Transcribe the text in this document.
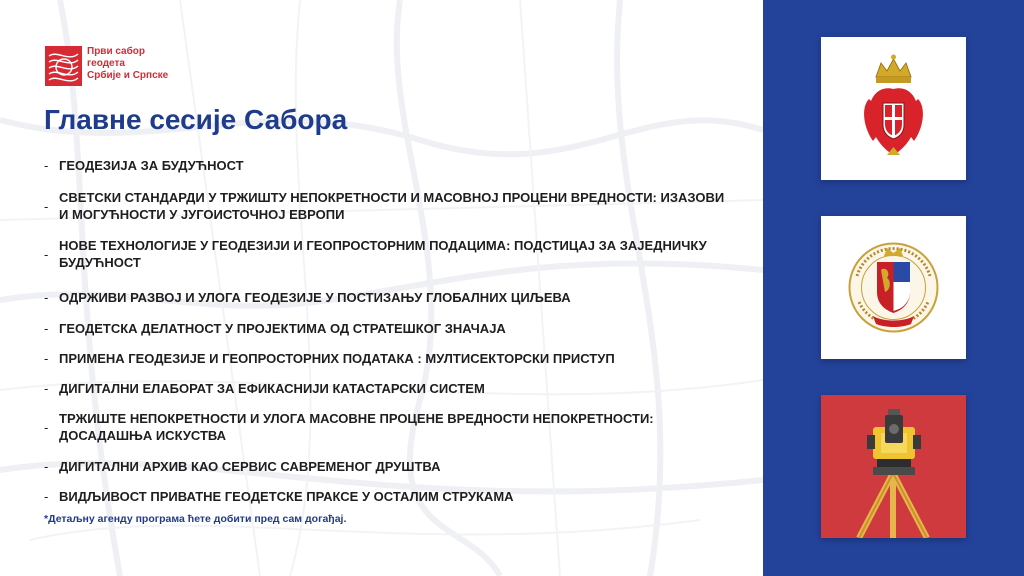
Први сабор
геодета
Србије и Српске
Главне сесије Сабора
- ГЕОДЕЗИЈА ЗА БУДУЋНОСТ
-
СВЕТСКИ СТАНДАРДИ У ТРЖИШТУ НЕПОКРЕТНОСТИ И МАСОВНОЈ ПРОЦЕНИ ВРЕДНОСТИ: ИЗАЗОВИ И МОГУЋНОСТИ У ЈУГОИСТОЧНОЈ ЕВРОПИ
-
НОВЕ ТЕХНОЛОГИЈЕ У ГЕОДЕЗИЈИ И ГЕОПРОСТОРНИМ ПОДАЦИМА: ПОДСТИЦАЈ ЗА ЗАЈЕДНИЧКУ БУДУЋНОСТ
- ОДРЖИВИ РАЗВОЈ И УЛОГА ГЕОДЕЗИЈЕ У ПОСТИЗАЊУ ГЛОБАЛНИХ ЦИЉЕВА
- ГЕОДЕТСКА ДЕЛАТНОСТ У ПРОЈЕКТИМА ОД СТРАТЕШКОГ ЗНАЧАЈА
- ПРИМЕНА ГЕОДЕЗИЈЕ И ГЕОПРОСТОРНИХ ПОДАТАКА : МУЛТИСЕКТОРСКИ ПРИСТУП
- ДИГИТАЛНИ ЕЛАБОРАТ ЗА ЕФИКАСНИЈИ КАТАСТАРСКИ СИСТЕМ
-
ТРЖИШТЕ НЕПОКРЕТНОСТИ И УЛОГА МАСОВНЕ ПРОЦЕНЕ ВРЕДНОСТИ НЕПОКРЕТНОСТИ: ДОСАДАШЊА ИСКУСТВА
- ДИГИТАЛНИ АРХИВ КАО СЕРВИС САВРЕМЕНОГ ДРУШТВА
- ВИДЉИВОСТ ПРИВАТНЕ ГЕОДЕТСКЕ ПРАКСЕ У ОСТАЛИМ СТРУКАМА
*Детаљну агенду програма ћете добити пред сам догађај.
